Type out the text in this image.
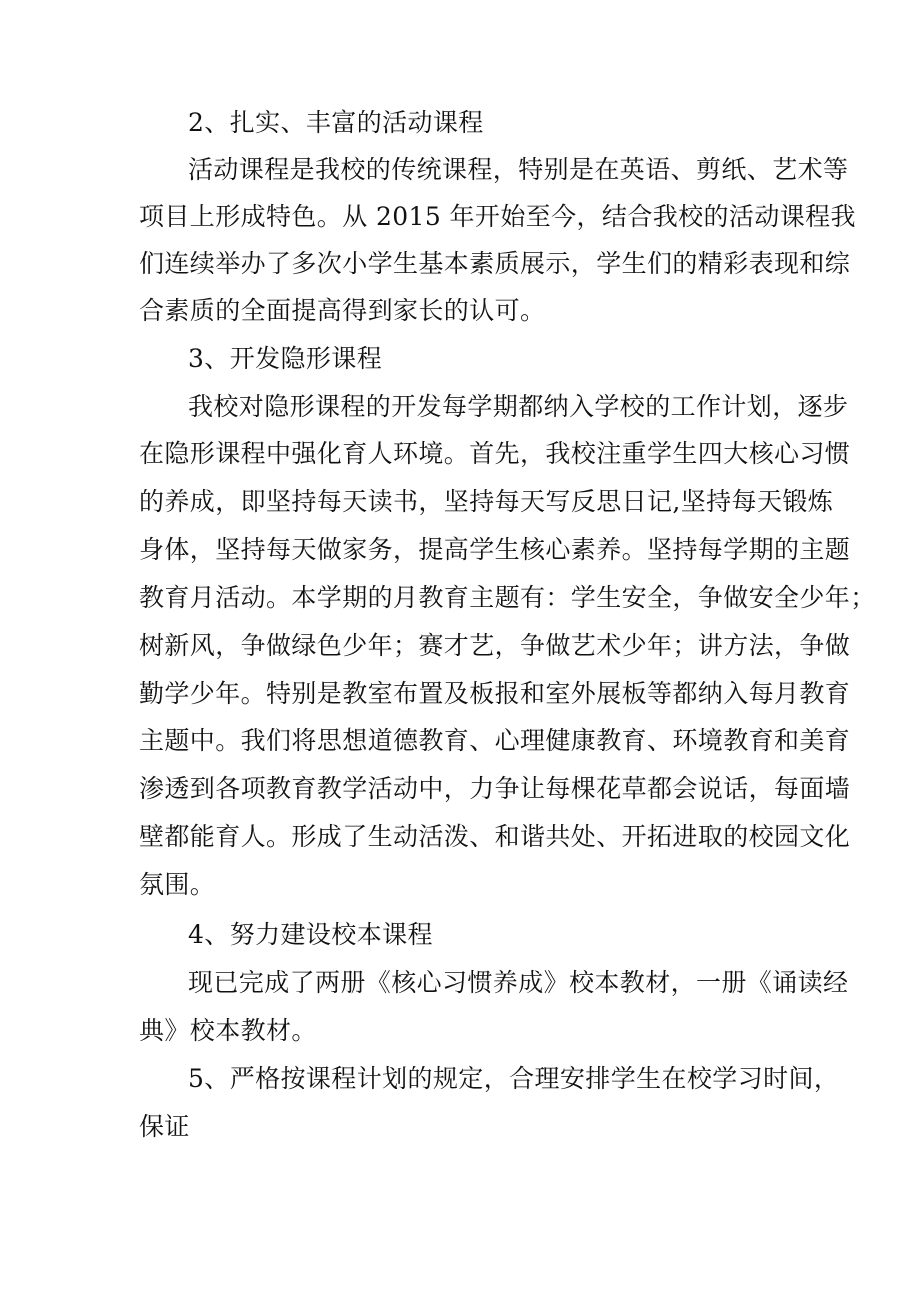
2、扎实、丰富的活动课程
活动课程是我校的传统课程，特别是在英语、剪纸、艺术等
项目上形成特色。从 2015 年开始至今，结合我校的活动课程我
们连续举办了多次小学生基本素质展示，学生们的精彩表现和综
合素质的全面提高得到家长的认可。
3、开发隐形课程
我校对隐形课程的开发每学期都纳入学校的工作计划，逐步
在隐形课程中强化育人环境。首先，我校注重学生四大核心习惯
的养成，即坚持每天读书，坚持每天写反思日记,坚持每天锻炼
身体，坚持每天做家务，提高学生核心素养。坚持每学期的主题
教育月活动。本学期的月教育主题有：学生安全，争做安全少年；
树新风，争做绿色少年；赛才艺，争做艺术少年；讲方法，争做
勤学少年。特别是教室布置及板报和室外展板等都纳入每月教育
主题中。我们将思想道德教育、心理健康教育、环境教育和美育
渗透到各项教育教学活动中，力争让每棵花草都会说话，每面墙
壁都能育人。形成了生动活泼、和谐共处、开拓进取的校园文化
氛围。
4、努力建设校本课程
现已完成了两册《核心习惯养成》校本教材，一册《诵读经
典》校本教材。
5、严格按课程计划的规定，合理安排学生在校学习时间，
保证
